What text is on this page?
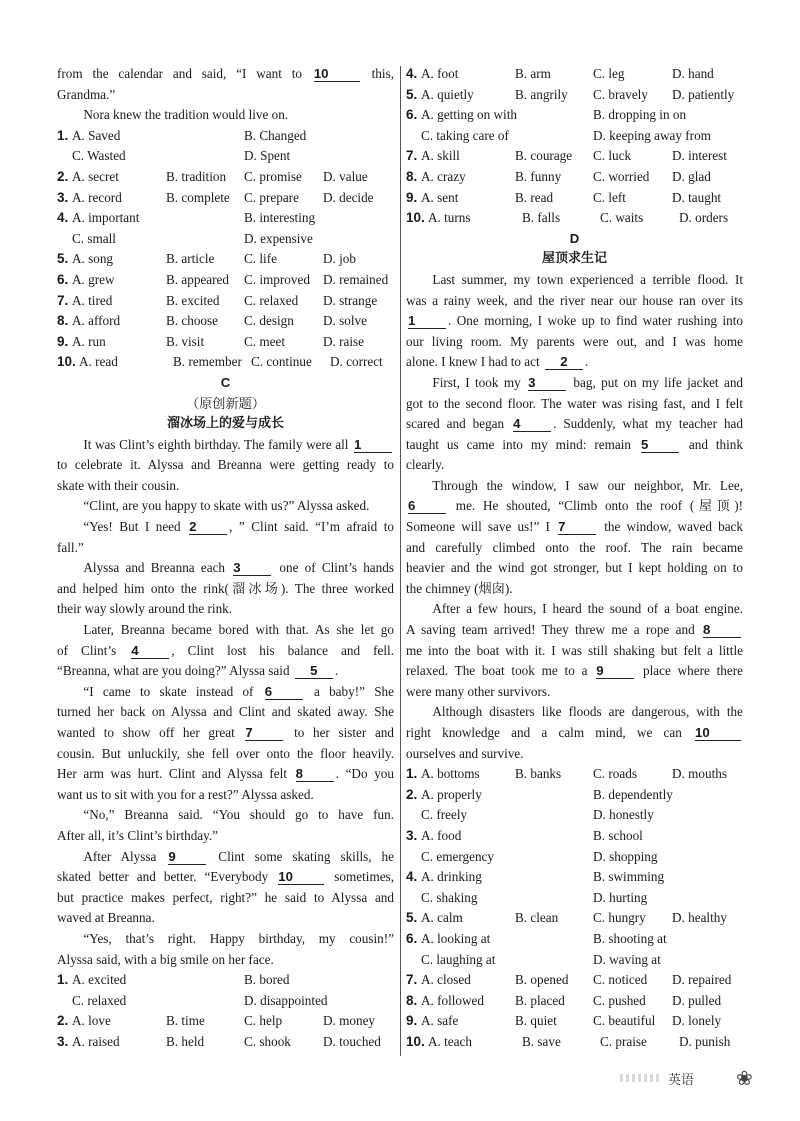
from the calendar and said, “I want to 10	this,
Grandma.”
Nora knew the tradition would live on.
1. A. Saved	B. Changed
C. Wasted	D. Spent
2. A. secret	B. tradition C. promise D. value
3. A. record	B. complete C. prepare D. decide
4. A. important	B. interesting
C. small	D. expensive
5. A. song	B. article C. life	D. job
6. A. grew	B. appeared C. improved D. remained
7. A. tired	B. excited C. relaxed D. strange
8. A. afford	B. choose C. design D. solve
9. A. run	B. visit	C. meet	D. raise
10. A. read	B. remember C. continue D. correct
C
（原创新题）
溜冰场上的爱与成长
It was Clint’s eighth birthday. The family were all 1
to celebrate it. Alyssa and Breanna were getting ready to
skate with their cousin.
“Clint, are you happy to skate with us?” Alyssa asked.
“Yes! But I need 2 , ” Clint said. “I’m afraid to
fall.”
Alyssa and Breanna each 3 one of Clint’s hands
and helped him onto the rink(溜冰场). The three worked
their way slowly around the rink.
Later, Breanna became bored with that. As she let go
of Clint’s 4 , Clint lost his balance and fell.
“Breanna, what are you doing?” Alyssa said 5 .
“I came to skate instead of 6 a baby!” She
turned her back on Alyssa and Clint and skated away. She
wanted to show off her great 7 to her sister and
cousin. But unluckily, she fell over onto the floor heavily.
Her arm was hurt. Clint and Alyssa felt 8 . “Do you
want us to sit with you for a rest?” Alyssa asked.
“No,” Breanna said. “You should go to have fun.
After all, it’s Clint’s birthday.”
After Alyssa 9 Clint some skating skills, he
skated better and better. “Everybody 10	sometimes,
but practice makes perfect, right?” he said to Alyssa and
waved at Breanna.
“Yes, that’s right. Happy birthday, my cousin!”
Alyssa said, with a big smile on her face.
1. A. excited	B. bored
C. relaxed	D. disappointed
2. A. love	B. time	C. help	D. money
3. A. raised	B. held	C. shook D. touched
4. A. foot	B. arm	C. leg	D. hand
5. A. quietly	B. angrily C. bravely D. patiently
6. A. getting on with	B. dropping in on
C. taking care of	D. keeping away from
7. A. skill	B. courage C. luck	D. interest
8. A. crazy	B. funny C. worried D. glad
9. A. sent	B. read	C. left	D. taught
10. A. turns	B. falls	C. waits	D. orders
D
屋顶求生记
Last summer, my town experienced a terrible flood. It
was a rainy week, and the river near our house ran over its
1 . One morning, I woke up to find water rushing into
our living room. My parents were out, and I was home
alone. I knew I had to act 2 .
First, I took my 3 bag, put on my life jacket and
got to the second floor. The water was rising fast, and I felt
scared and began 4 . Suddenly, what my teacher had
taught us came into my mind: remain 5 and think
clearly.
Through the window, I saw our neighbor, Mr. Lee,
6 me. He shouted, “Climb onto the roof (屋顶)!
Someone will save us!” I 7 the window, waved back
and carefully climbed onto the roof. The rain became
heavier and the wind got stronger, but I kept holding on to
the chimney (烟囱).
After a few hours, I heard the sound of a boat engine.
A saving team arrived! They threw me a rope and 8
me into the boat with it. I was still shaking but felt a little
relaxed. The boat took me to a 9 place where there
were many other survivors.
Although disasters like floods are dangerous, with the
right knowledge and a calm mind, we can 10
ourselves and survive.
1. A. bottoms	B. banks C. roads	D. mouths
2. A. properly	B. dependently
C. freely	D. honestly
3. A. food	B. school
C. emergency	D. shopping
4. A. drinking	B. swimming
C. shaking	D. hurting
5. A. calm	B. clean	C. hungry D. healthy
6. A. looking at	B. shooting at
C. laughing at	D. waving at
7. A. closed	B. opened C. noticed D. repaired
8. A. followed B. placed C. pushed D. pulled
9. A. safe	B. quiet	C. beautiful D. lonely
10. A. teach	B. save	C. praise D. punish
英语 ❀
